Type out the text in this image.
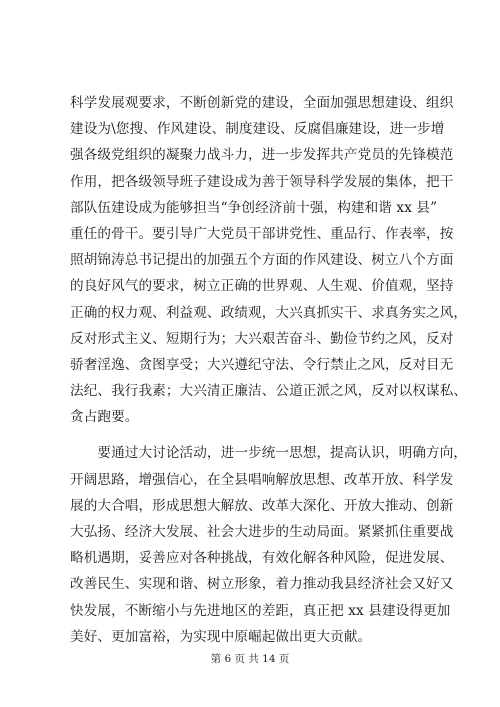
科学发展观要求，不断创新党的建设，全面加强思想建设、组织
建设为\您搜、作风建设、制度建设、反腐倡廉建设，进一步增
强各级党组织的凝聚力战斗力，进一步发挥共产党员的先锋模范
作用，把各级领导班子建设成为善于领导科学发展的集体，把干
部队伍建设成为能够担当“争创经济前十强，构建和谐 xx 县”
重任的骨干。要引导广大党员干部讲党性、重品行、作表率，按
照胡锦涛总书记提出的加强五个方面的作风建设、树立八个方面
的良好风气的要求，树立正确的世界观、人生观、价值观，坚持
正确的权力观、利益观、政绩观，大兴真抓实干、求真务实之风，
反对形式主义、短期行为；大兴艰苦奋斗、勤俭节约之风，反对
骄奢淫逸、贪图享受；大兴遵纪守法、令行禁止之风，反对目无
法纪、我行我素；大兴清正廉洁、公道正派之风，反对以权谋私、
贪占跑要。
　　要通过大讨论活动，进一步统一思想，提高认识，明确方向，
开阔思路，增强信心，在全县唱响解放思想、改革开放、科学发
展的大合唱，形成思想大解放、改革大深化、开放大推动、创新
大弘扬、经济大发展、社会大进步的生动局面。紧紧抓住重要战
略机遇期，妥善应对各种挑战，有效化解各种风险，促进发展、
改善民生、实现和谐、树立形象，着力推动我县经济社会又好又
快发展，不断缩小与先进地区的差距，真正把 xx 县建设得更加
美好、更加富裕，为实现中原崛起做出更大贡献。
第 6 页 共 14 页
